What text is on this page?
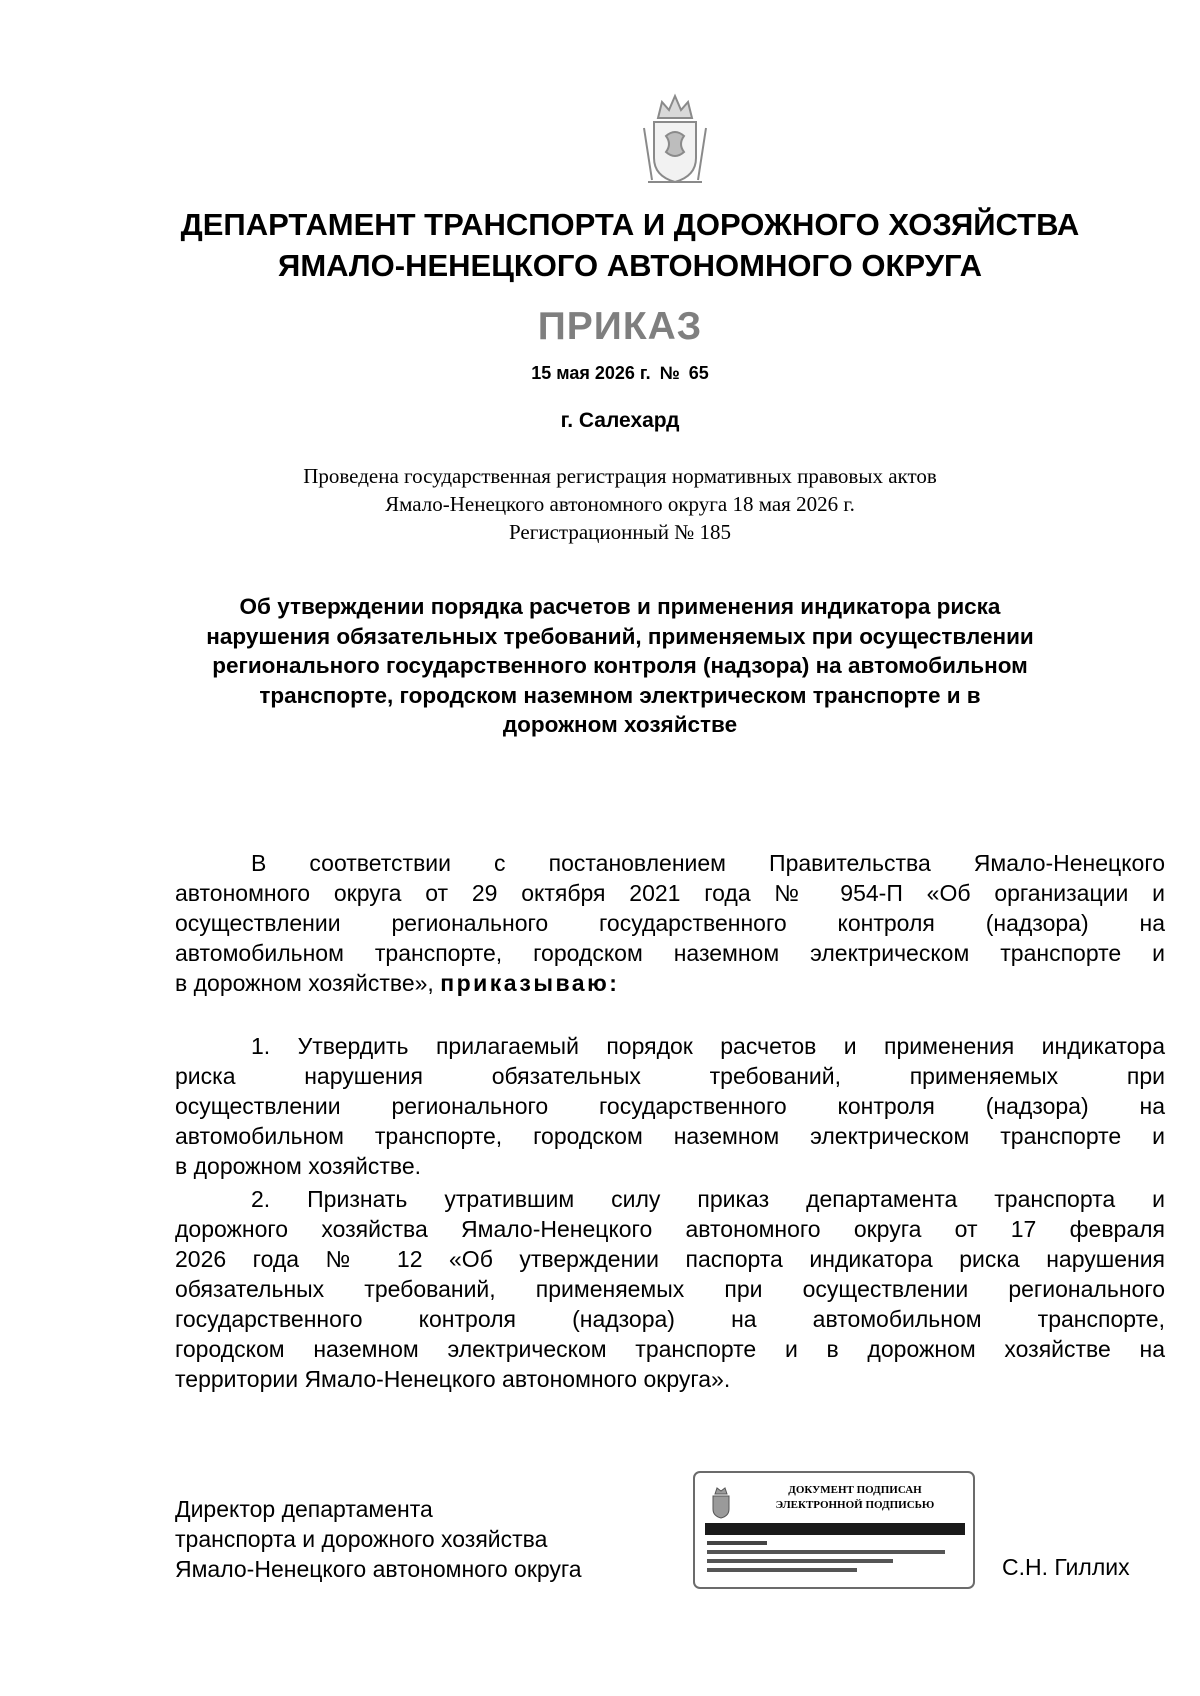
ДЕПАРТАМЕНТ ТРАНСПОРТА И ДОРОЖНОГО ХОЗЯЙСТВА
ЯМАЛО-НЕНЕЦКОГО АВТОНОМНОГО ОКРУГА
ПРИКАЗ
15 мая 2026 г. № 65
г. Салехард
Проведена государственная регистрация нормативных правовых актов
Ямало-Ненецкого автономного округа 18 мая 2026 г.
Регистрационный № 185
Об утверждении порядка расчетов и применения индикатора риска
нарушения обязательных требований, применяемых при осуществлении
регионального государственного контроля (надзора) на автомобильном
транспорте, городском наземном электрическом транспорте и в
дорожном хозяйстве
В соответствии с постановлением Правительства Ямало-Ненецкого
автономного округа от 29 октября 2021 года № 954-П «Об организации и
осуществлении регионального государственного контроля (надзора) на
автомобильном транспорте, городском наземном электрическом транспорте и
в дорожном хозяйстве», приказываю:
1. Утвердить прилагаемый порядок расчетов и применения индикатора
риска нарушения обязательных требований, применяемых при
осуществлении регионального государственного контроля (надзора) на
автомобильном транспорте, городском наземном электрическом транспорте и
в дорожном хозяйстве.
2. Признать утратившим силу приказ департамента транспорта и
дорожного хозяйства Ямало-Ненецкого автономного округа от 17 февраля
2026 года № 12 «Об утверждении паспорта индикатора риска нарушения
обязательных требований, применяемых при осуществлении регионального
государственного контроля (надзора) на автомобильном транспорте,
городском наземном электрическом транспорте и в дорожном хозяйстве на
территории Ямало-Ненецкого автономного округа».
Директор департамента
транспорта и дорожного хозяйства
Ямало-Ненецкого автономного округа
ДОКУМЕНТ ПОДПИСАН
ЭЛЕКТРОННОЙ ПОДПИСЬЮ
С.Н. Гиллих
